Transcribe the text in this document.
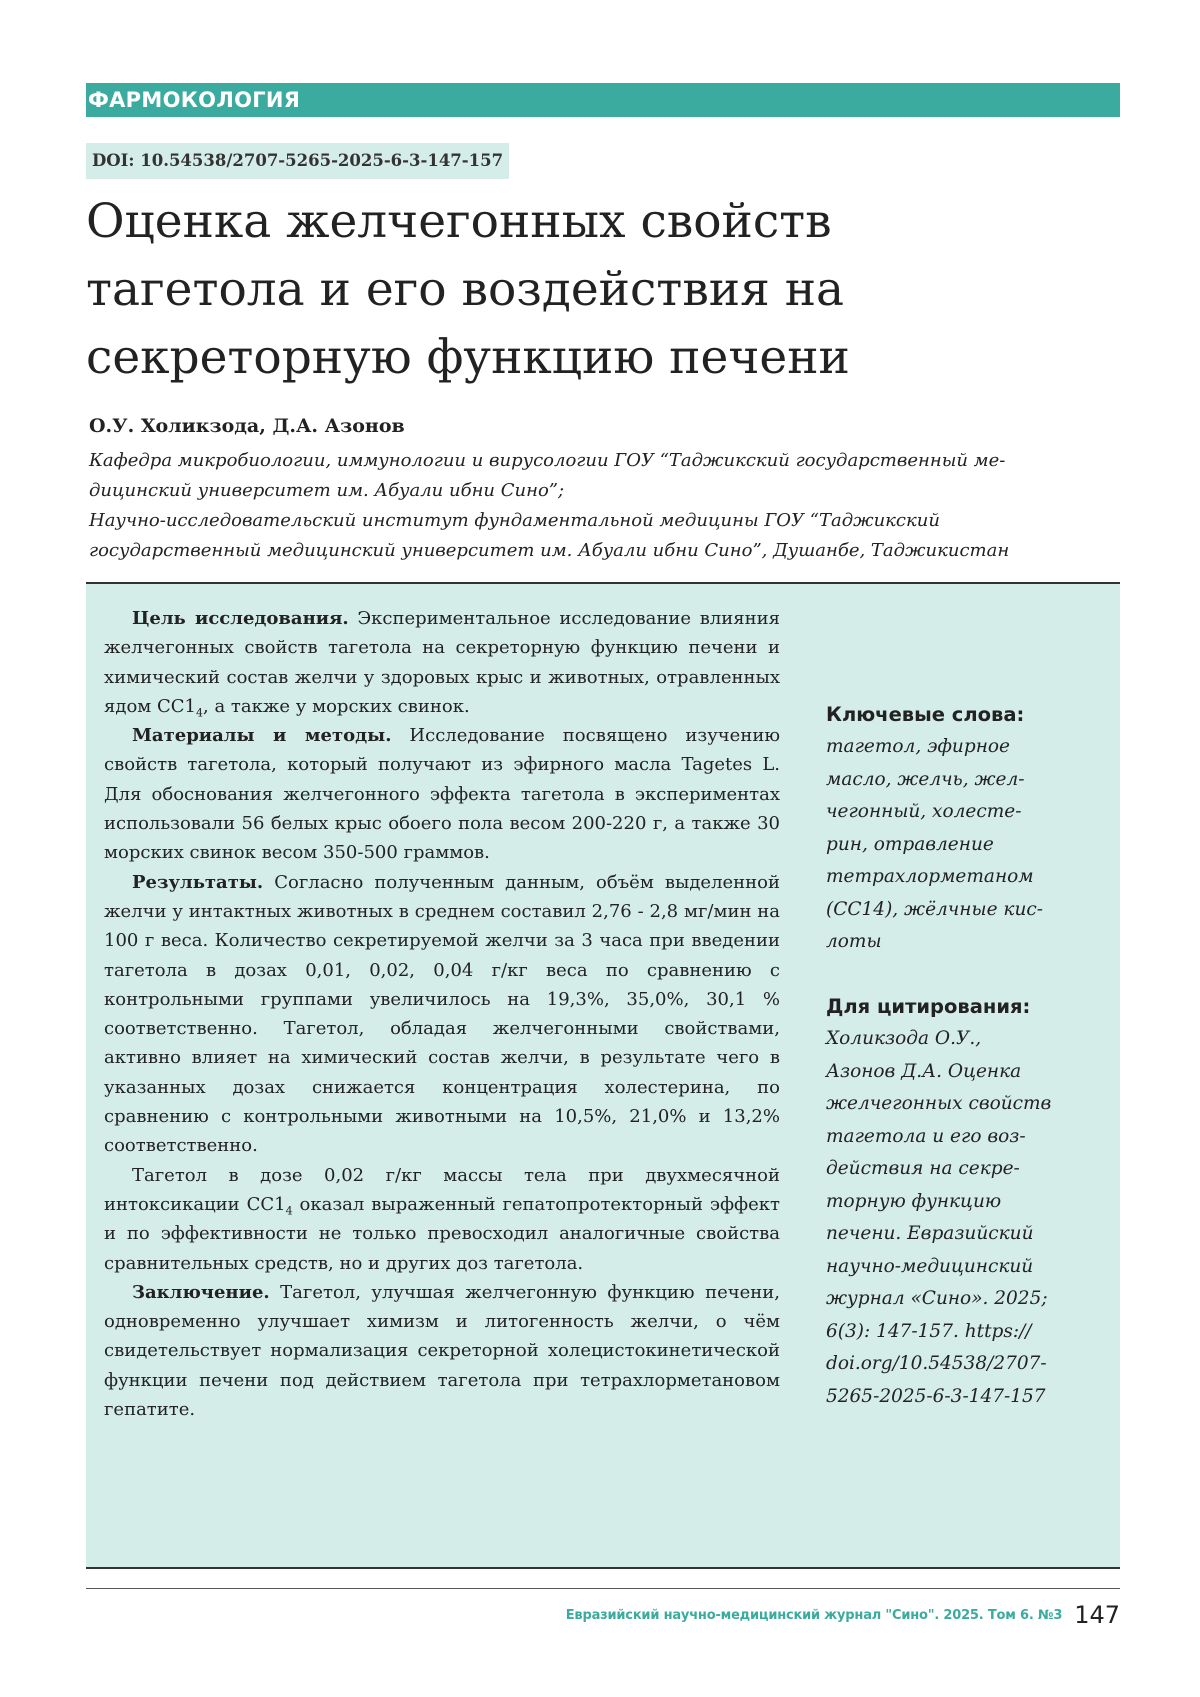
ФАРМОКОЛОГИЯ
DOI: 10.54538/2707-5265-2025-6-3-147-157
Оценка желчегонных свойств
тагетола и его воздействия на
секреторную функцию печени
О.У. Холикзода, Д.А. Азонов
Кафедра микробиологии, иммунологии и вирусологии ГОУ “Таджикский государственный ме-
дицинский университет им. Абуали ибни Сино”;
Научно-исследовательский институт фундаментальной медицины ГОУ “Таджикский
государственный медицинский университет им. Абуали ибни Сино”, Душанбе, Таджикистан

Цель исследования. Экспериментальное исследование влияния желчегонных свойств тагетола на секреторную функцию печени и химический состав желчи у здоровых крыс и животных, отравленных ядом СС14, а также у морских свинок.

Материалы и методы. Исследование посвящено изучению свойств тагетола, который получают из эфирного масла Tagetes L. Для обоснования желчегонного эффекта тагетола в экспериментах использовали 56 белых крыс обоего пола весом 200-220 г, а также 30 морских свинок весом 350-500 граммов.

Результаты. Согласно полученным данным, объём выделенной желчи у интактных животных в среднем составил 2,76 - 2,8 мг/мин на 100 г веса. Количество секретируемой желчи за 3 часа при введении тагетола в дозах 0,01, 0,02, 0,04 г/кг веса по сравнению с контрольными группами увеличилось на 19,3%, 35,0%, 30,1 % соответственно. Тагетол, обладая желчегонными свойствами, активно влияет на химический состав желчи, в результате чего в указанных дозах снижается концентрация холестерина, по сравнению с контрольными животными на 10,5%, 21,0% и 13,2% соответственно.

Тагетол в дозе 0,02 г/кг массы тела при двухмесячной интоксикации СС14 оказал выраженный гепатопротекторный эффект и по эффективности не только превосходил аналогичные свойства сравнительных средств, но и других доз тагетола.

Заключение. Тагетол, улучшая желчегонную функцию печени, одновременно улучшает химизм и литогенность желчи, о чём свидетельствует нормализация секреторной холецистокинетической функции печени под действием тагетола при тетрахлорметановом гепатите.

Ключевые слова:
тагетол, эфирное
масло, желчь, жел-
чегонный, холесте-
рин, отравление
тетрахлорметаном
(СС14), жёлчные кис-
лоты
Для цитирования:
Холикзода О.У.,
Азонов Д.А. Оценка
желчегонных свойств
тагетола и его воз-
действия на секре-
торную функцию
печени. Евразийский
научно-медицинский
журнал «Сино». 2025;
6(3): 147-157. https://
doi.org/10.54538/2707-
5265-2025-6-3-147-157
Евразийский научно-медицинский журнал "Сино". 2025. Том 6. №3 147
